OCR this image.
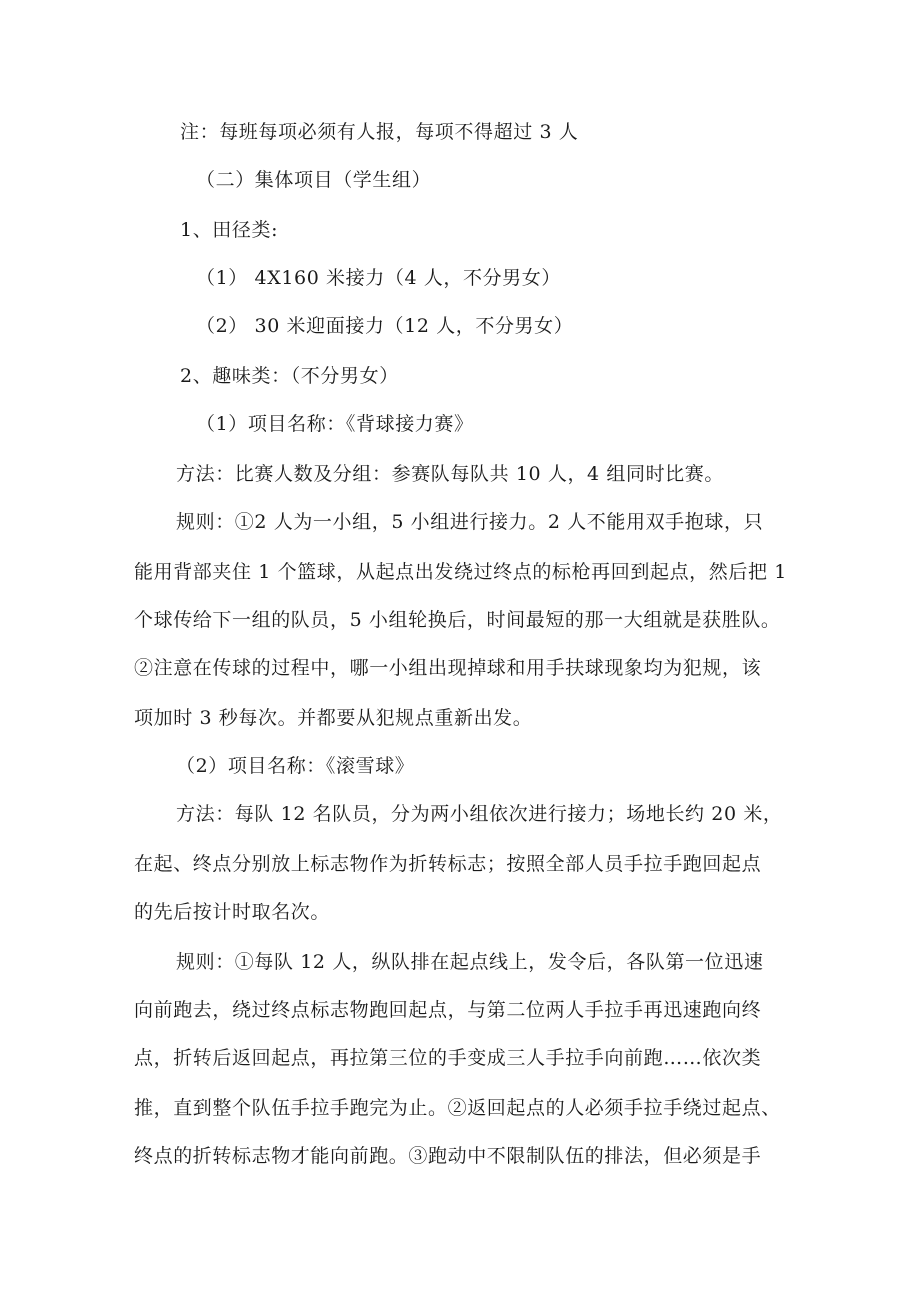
注：每班每项必须有人报，每项不得超过 3 人
（二）集体项目（学生组）
1、田径类:
（1） 4X160 米接力（4 人，不分男女）
（2） 30 米迎面接力（12 人，不分男女）
2、趣味类：（不分男女）
（1）项目名称：《背球接力赛》
方法：比赛人数及分组：参赛队每队共 10 人，4 组同时比赛。
规则：①2 人为一小组，5 小组进行接力。2 人不能用双手抱球，只
能用背部夹住 1 个篮球，从起点出发绕过终点的标枪再回到起点，然后把 1
个球传给下一组的队员，5 小组轮换后，时间最短的那一大组就是获胜队。
②注意在传球的过程中，哪一小组出现掉球和用手扶球现象均为犯规，该
项加时 3 秒每次。并都要从犯规点重新出发。
（2）项目名称：《滚雪球》
方法：每队 12 名队员，分为两小组依次进行接力；场地长约 20 米，
在起、终点分别放上标志物作为折转标志；按照全部人员手拉手跑回起点
的先后按计时取名次。
规则：①每队 12 人，纵队排在起点线上，发令后，各队第一位迅速
向前跑去，绕过终点标志物跑回起点，与第二位两人手拉手再迅速跑向终
点，折转后返回起点，再拉第三位的手变成三人手拉手向前跑……依次类
推，直到整个队伍手拉手跑完为止。②返回起点的人必须手拉手绕过起点、
终点的折转标志物才能向前跑。③跑动中不限制队伍的排法，但必须是手
